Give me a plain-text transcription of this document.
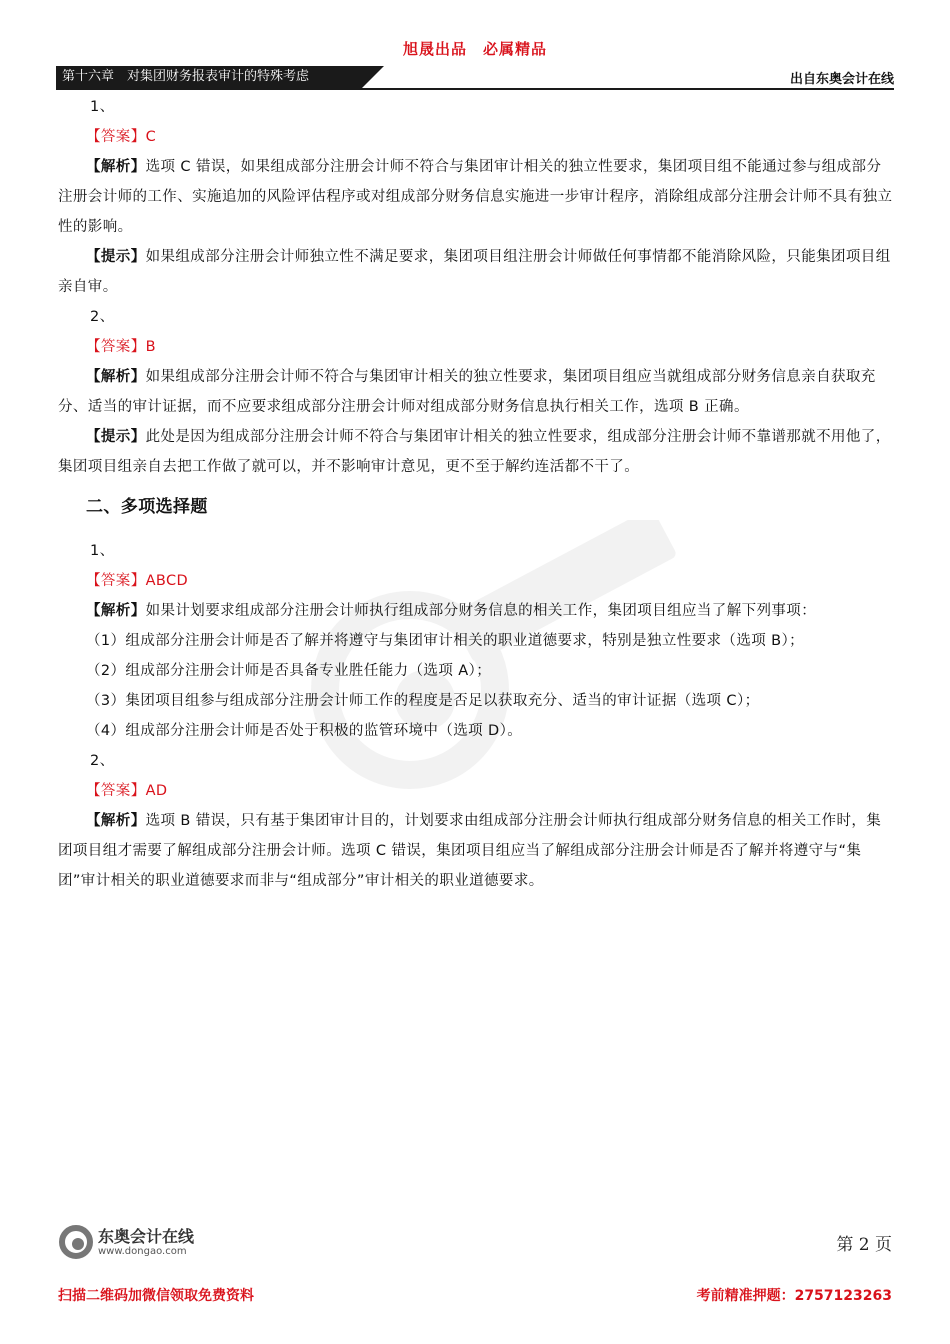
旭晟出品　必属精品
第十六章　对集团财务报表审计的特殊考虑	出自东奥会计在线

1、

【答案】C

【解析】选项 C 错误，如果组成部分注册会计师不符合与集团审计相关的独立性要求，集团项目组不能通过参与组成部分注册会计师的工作、实施追加的风险评估程序或对组成部分财务信息实施进一步审计程序，消除组成部分注册会计师不具有独立性的影响。

【提示】如果组成部分注册会计师独立性不满足要求，集团项目组注册会计师做任何事情都不能消除风险，只能集团项目组亲自审。

2、

【答案】B

【解析】如果组成部分注册会计师不符合与集团审计相关的独立性要求，集团项目组应当就组成部分财务信息亲自获取充分、适当的审计证据，而不应要求组成部分注册会计师对组成部分财务信息执行相关工作，选项 B 正确。

【提示】此处是因为组成部分注册会计师不符合与集团审计相关的独立性要求，组成部分注册会计师不靠谱那就不用他了，集团项目组亲自去把工作做了就可以，并不影响审计意见，更不至于解约连活都不干了。

二、多项选择题

1、

【答案】ABCD

【解析】如果计划要求组成部分注册会计师执行组成部分财务信息的相关工作，集团项目组应当了解下列事项：

（1）组成部分注册会计师是否了解并将遵守与集团审计相关的职业道德要求，特别是独立性要求（选项 B）；

（2）组成部分注册会计师是否具备专业胜任能力（选项 A）；

（3）集团项目组参与组成部分注册会计师工作的程度是否足以获取充分、适当的审计证据（选项 C）；

（4）组成部分注册会计师是否处于积极的监管环境中（选项 D）。

2、

【答案】AD

【解析】选项 B 错误，只有基于集团审计目的，计划要求由组成部分注册会计师执行组成部分财务信息的相关工作时，集团项目组才需要了解组成部分注册会计师。选项 C 错误，集团项目组应当了解组成部分注册会计师是否了解并将遵守与“集团”审计相关的职业道德要求而非与“组成部分”审计相关的职业道德要求。

东奥会计在线
www.dongao.com	第 2 页
扫描二维码加微信领取免费资料	考前精准押题：2757123263
